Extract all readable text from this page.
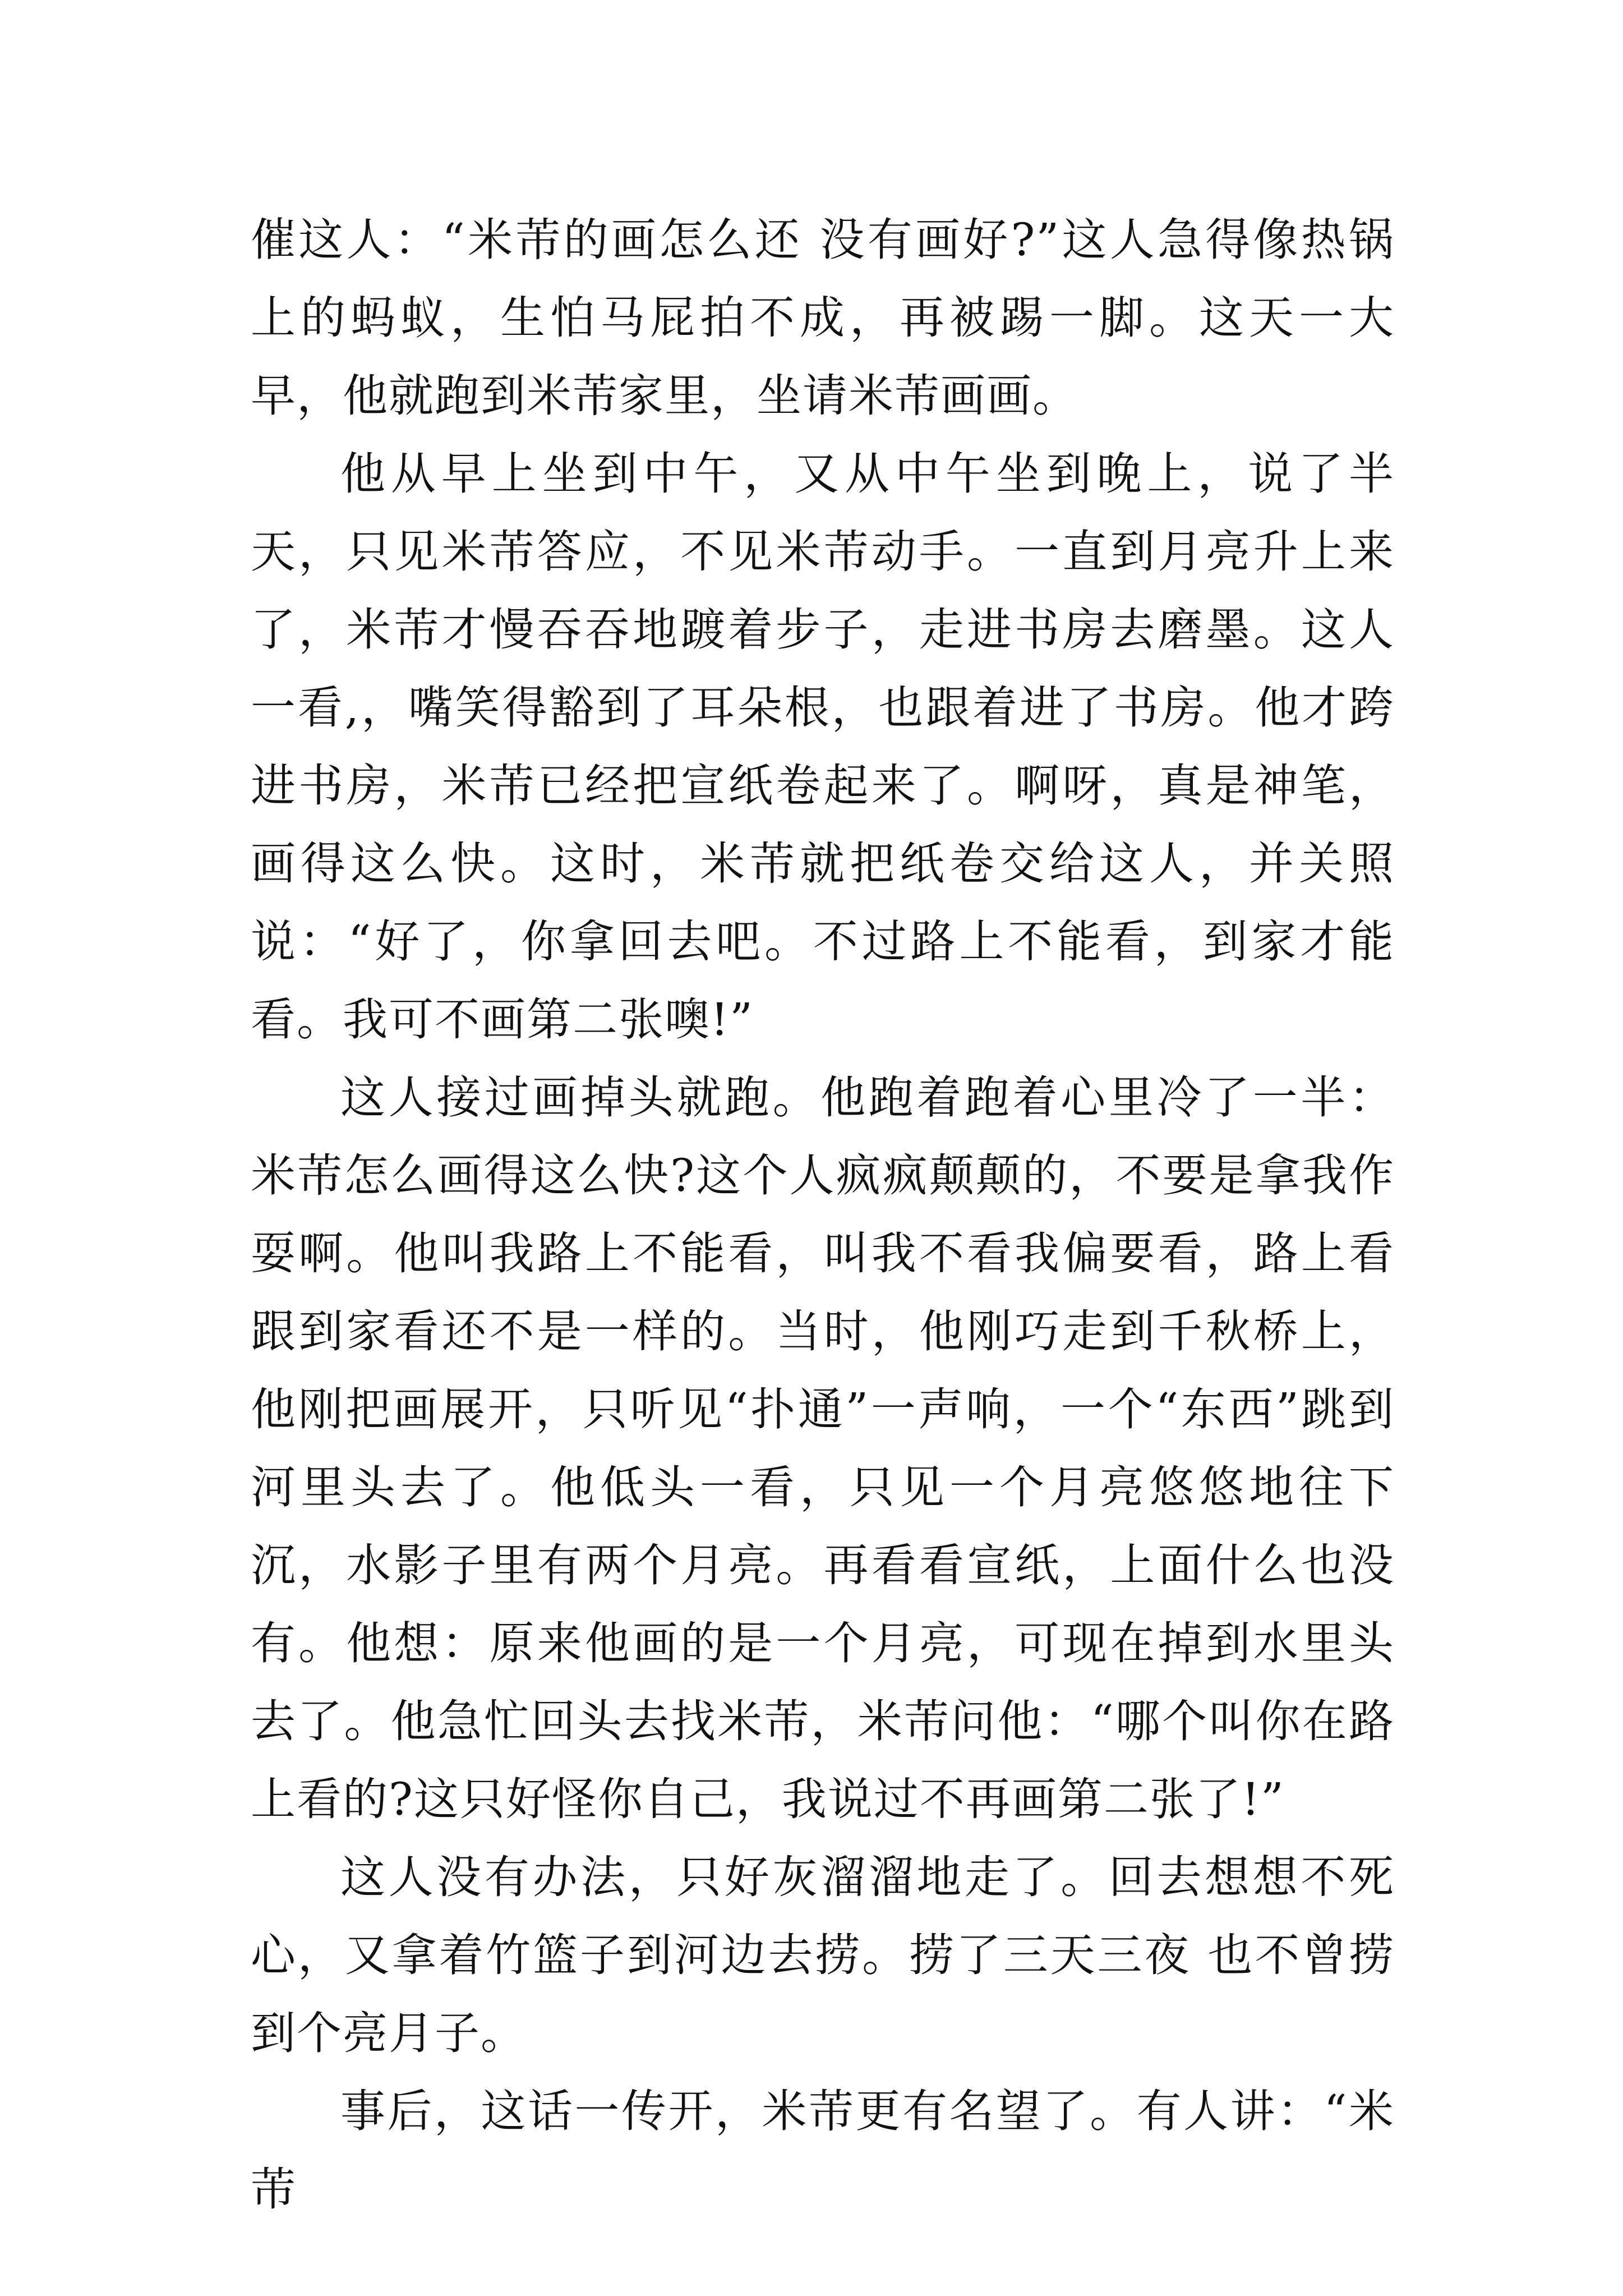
催这人：“米芾的画怎么还 没有画好?”这人急得像热锅上的蚂蚁，生怕马屁拍不成，再被踢一脚。这天一大早，他就跑到米芾家里，坐请米芾画画。

他从早上坐到中午，又从中午坐到晚上，说了半天，只见米芾答应，不见米芾动手。一直到月亮升上来了，米芾才慢吞吞地踱着步子，走进书房去磨墨。这人一看,，嘴笑得豁到了耳朵根，也跟着进了书房。他才跨进书房，米芾已经把宣纸卷起来了。啊呀，真是神笔，画得这么快。这时，米芾就把纸卷交给这人，并关照说：“好了，你拿回去吧。不过路上不能看，到家才能看。我可不画第二张噢!”

这人接过画掉头就跑。他跑着跑着心里冷了一半：米芾怎么画得这么快?这个人疯疯颠颠的，不要是拿我作耍啊。他叫我路上不能看，叫我不看我偏要看，路上看跟到家看还不是一样的。当时，他刚巧走到千秋桥上，他刚把画展开，只听见“扑通”一声响，一个“东西”跳到河里头去了。他低头一看，只见一个月亮悠悠地往下沉，水影子里有两个月亮。再看看宣纸，上面什么也没有。他想：原来他画的是一个月亮，可现在掉到水里头去了。他急忙回头去找米芾，米芾问他：“哪个叫你在路上看的?这只好怪你自己，我说过不再画第二张了!”

这人没有办法，只好灰溜溜地走了。回去想想不死心，又拿着竹篮子到河边去捞。捞了三天三夜 也不曾捞到个亮月子。

事后，这话一传开，米芾更有名望了。有人讲：“米芾
